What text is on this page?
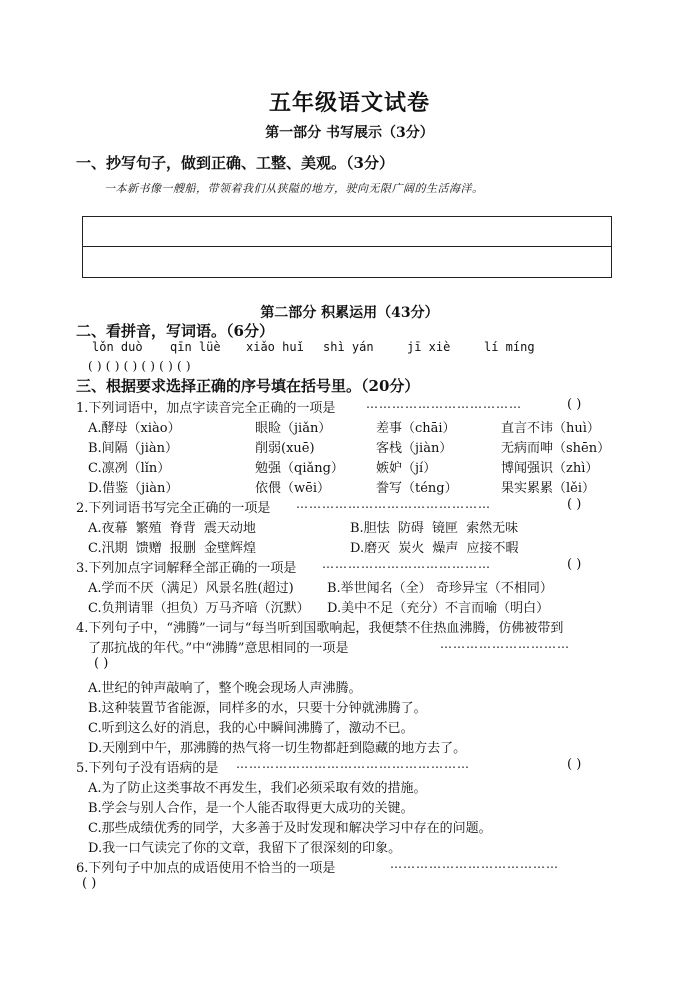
五年级语文试卷
第一部分 书写展示（3分）
一、抄写句子，做到正确、工整、美观。（3分）
一本新书像一艘船，带领着我们从狭隘的地方，驶向无限广阔的生活海洋。
第二部分 积累运用（43分）
二、看拼音，写词语。（6分）
lǒn duò qīn lüè xiǎo huǐ shì yán	jī xiè	lí míng
( ) ( ) ( ) ( ) ( ) ( )
三、根据要求选择正确的序号填在括号里。（20分）
1.下列词语中，加点字读音完全正确的一项是	………………………………	( )
A.酵母（xiào）	眼睑（jiǎn）	差事（chāi）	直言不讳（huì）
B.间隔（jiàn）	削弱(xuē)	客栈（jiàn）	无病而呻（shēn）
C.凛冽（lǐn）	勉强（qiǎng） 嫉妒（jí）	博闻强识（zhì）
D.借鉴（jiàn）	依偎（wēi）	誊写（téng）	果实累累（lěi）
2.下列词语书写完全正确的一项是 ………………………………………	( )
A.夜幕 繁殖 脊背 震天动地	B.胆怯 防碍 镜匣 索然无味
C.汛期 馈赠 报删 金壁辉煌	D.磨灭 炭火 燥声 应接不暇
3.下列加点字词解释全部正确的一项是 …………………………………	( )
A.学而不厌（满足）风景名胜(超过)	B.举世闻名（全） 奇珍异宝（不相同）
C.负荆请罪（担负）万马齐喑（沉默） D.美中不足（充分）不言而喻（明白）
4.下列句子中，“沸腾”一词与“每当听到国歌响起，我便禁不住热血沸腾，仿佛被带到
了那抗战的年代。”中“沸腾”意思相同的一项是	…………………………
( )
A.世纪的钟声敲响了，整个晚会现场人声沸腾。
B.这种装置节省能源，同样多的水，只要十分钟就沸腾了。
C.听到这么好的消息，我的心中瞬间沸腾了，激动不已。
D.天刚到中午，那沸腾的热气将一切生物都赶到隐藏的地方去了。
5.下列句子没有语病的是 ………………………………………………	( )
A.为了防止这类事故不再发生，我们必须采取有效的措施。
B.学会与别人合作，是一个人能否取得更大成功的关键。
C.那些成绩优秀的同学，大多善于及时发现和解决学习中存在的问题。
D.我一口气读完了你的文章，我留下了很深刻的印象。
6.下列句子中加点的成语使用不恰当的一项是	…………………………………
( )
